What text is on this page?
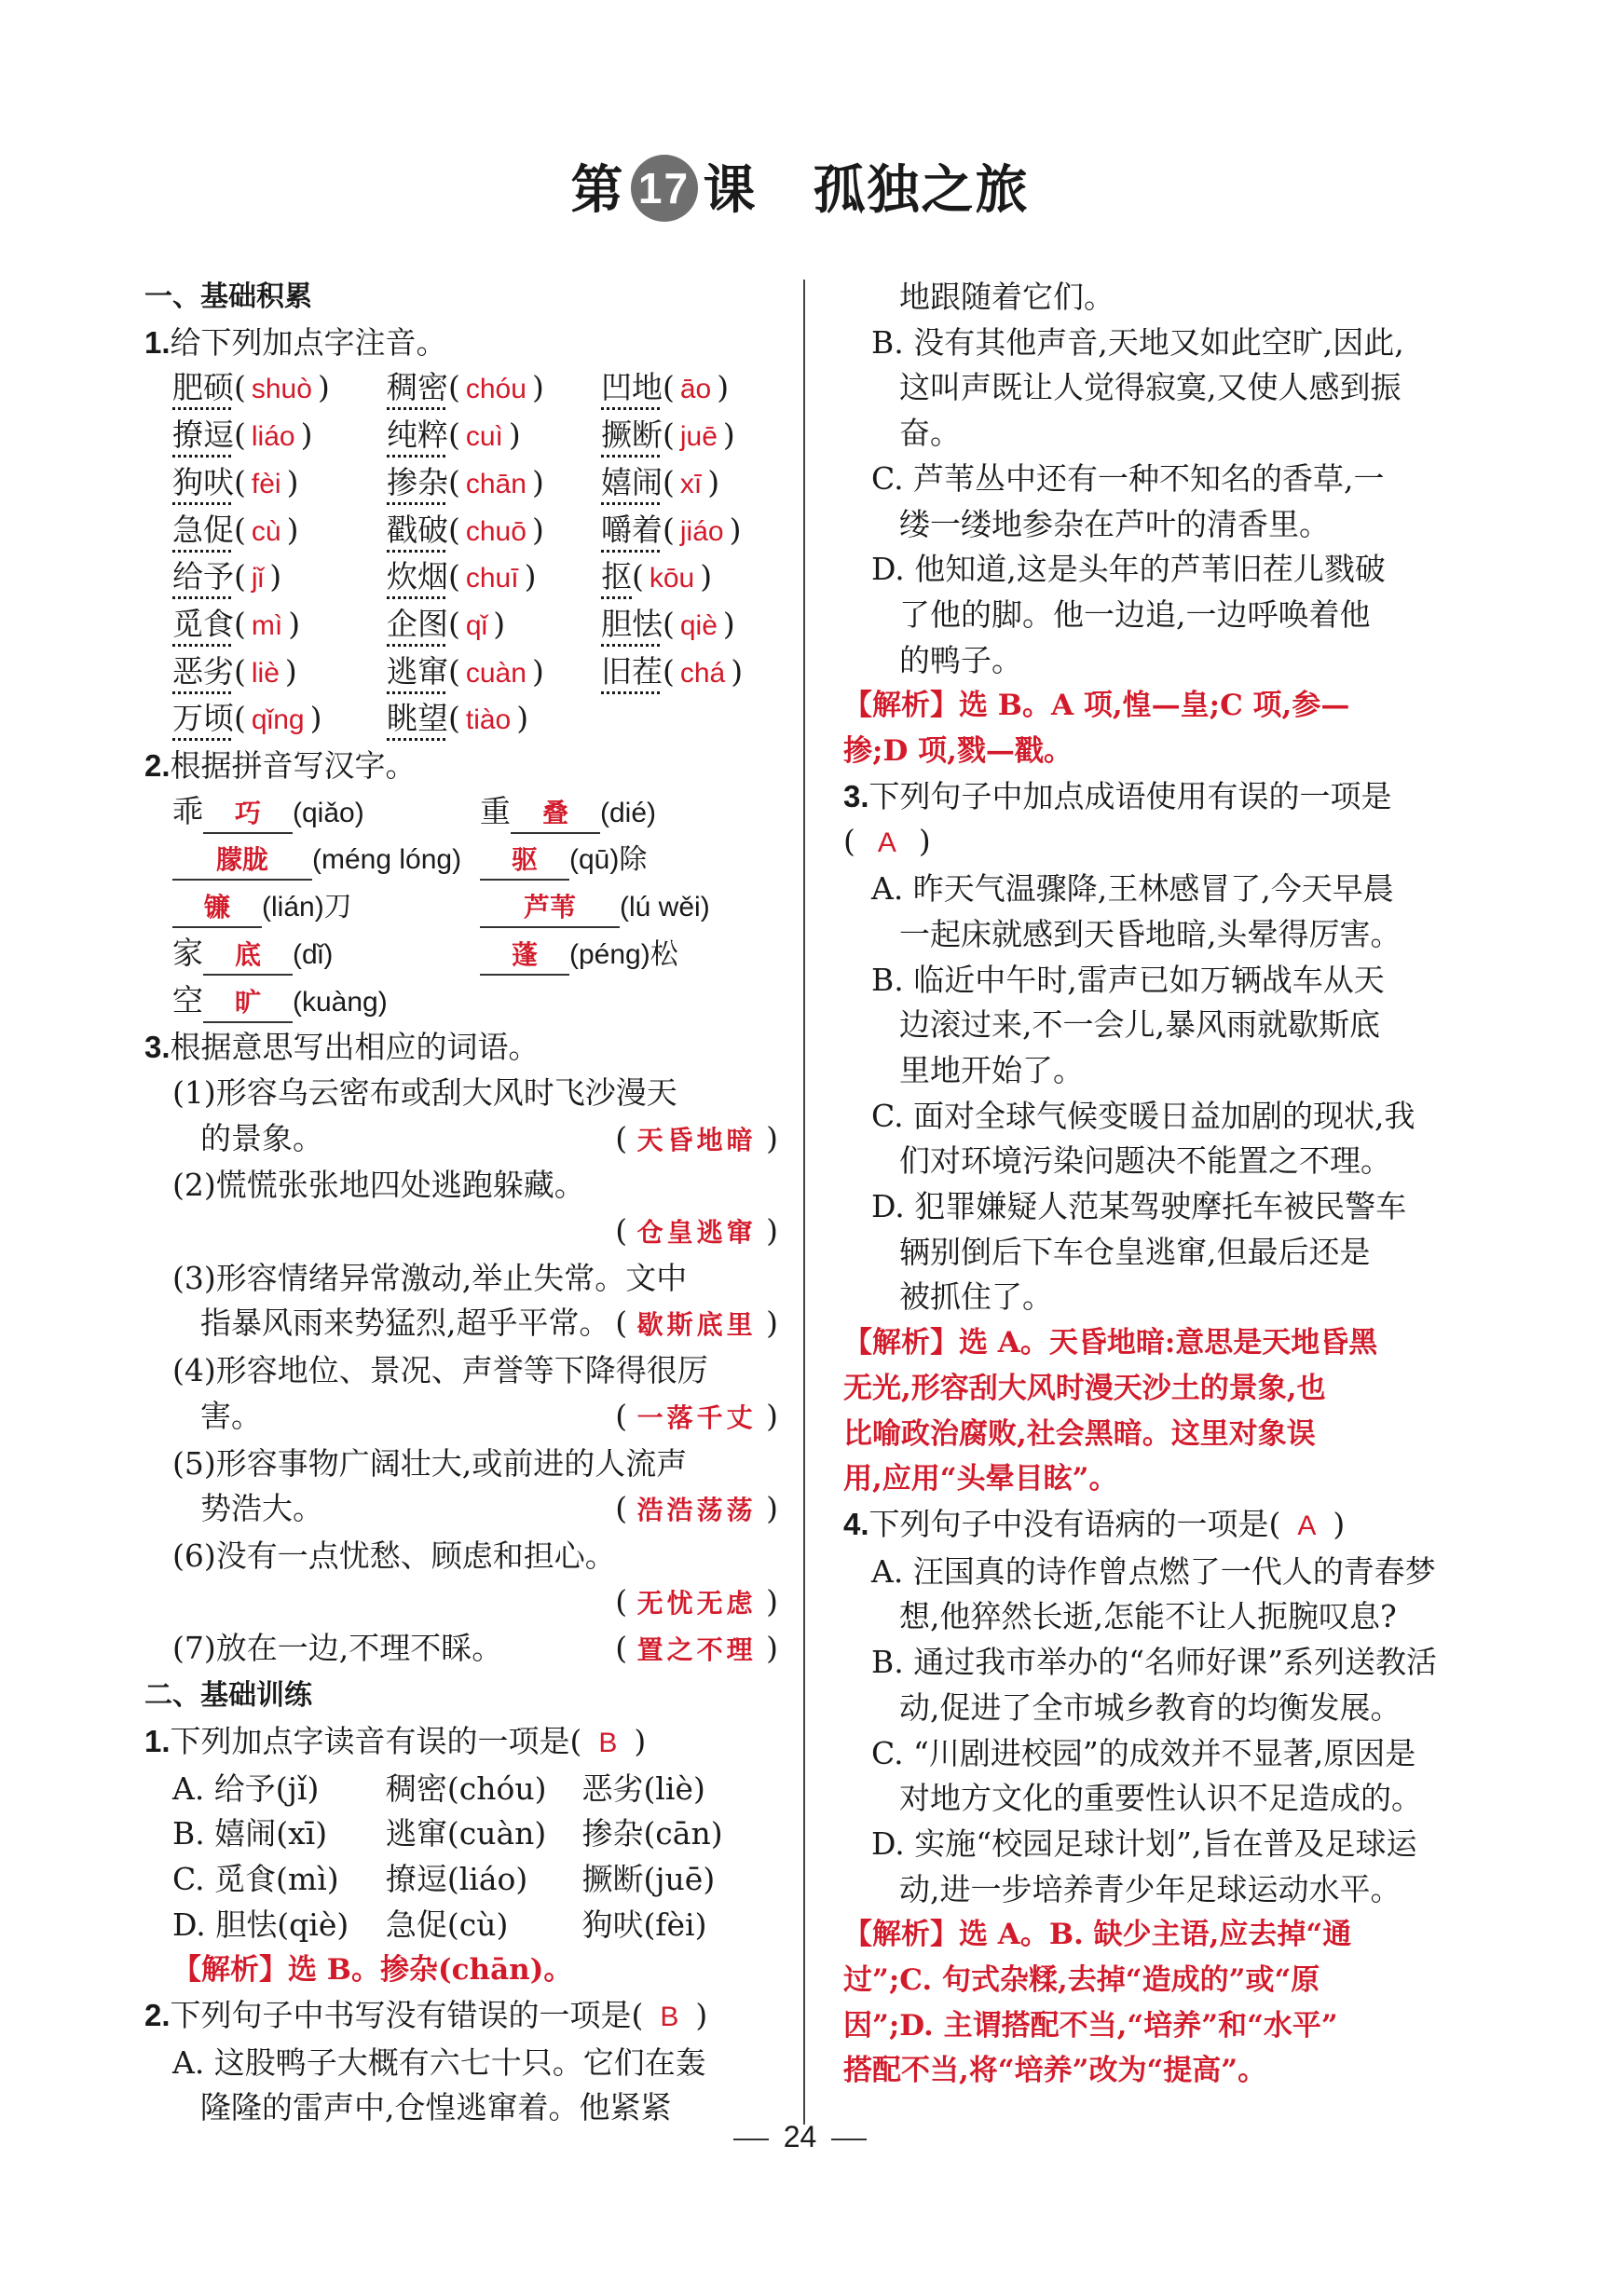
第 17 课 孤独之旅
一、基础积累
1.给下列加点字注音。
肥硕( shuò )	稠密( chóu )	凹地( āo )
撩逗( liáo )	纯粹( cuì )	撅断( juē )
狗吠( fèi )	掺杂( chān )	嬉闹( xī )
急促( cù )	戳破( chuō )	嚼着( jiáo )
给予( jǐ )	炊烟( chuī )	抠( kōu )
觅食( mì )	企图( qǐ )	胆怯( qiè )
恶劣( liè )	逃窜( cuàn )	旧茬( chá )
万顷( qǐng )	眺望( tiào )
2.根据拼音写汉字。
乖 巧 (qiǎo)	重 叠 (dié)
朦胧 (méng lóng)	驱 (qū)除
镰 (lián)刀	芦苇 (lú wěi)
家 底 (dǐ)	蓬 (péng)松
空 旷 (kuàng)
3.根据意思写出相应的词语。
(1)形容乌云密布或刮大风时飞沙漫天
的景象。	( 天昏地暗 )
(2)慌慌张张地四处逃跑躲藏。
( 仓皇逃窜 )
(3)形容情绪异常激动,举止失常。文中
指暴风雨来势猛烈,超乎平常。 ( 歇斯底里 )
(4)形容地位、景况、声誉等下降得很厉
害。	( 一落千丈 )
(5)形容事物广阔壮大,或前进的人流声
势浩大。	( 浩浩荡荡 )
(6)没有一点忧愁、顾虑和担心。
( 无忧无虑 )
(7)放在一边,不理不睬。	( 置之不理 )
二、基础训练
1.下列加点字读音有误的一项是( B )
A. 给予(jǐ)	稠密(chóu)	恶劣(liè)
B. 嬉闹(xī)	逃窜(cuàn)	掺杂(cān)
C. 觅食(mì)	撩逗(liáo)	撅断(juē)
D. 胆怯(qiè)	急促(cù)	狗吠(fèi)
【解析】选 B。掺杂(chān)。
2.下列句子中书写没有错误的一项是( B )
A. 这股鸭子大概有六七十只。它们在轰
隆隆的雷声中,仓惶逃窜着。他紧紧
地跟随着它们。
B. 没有其他声音,天地又如此空旷,因此,
这叫声既让人觉得寂寞,又使人感到振
奋。
C. 芦苇丛中还有一种不知名的香草,一
缕一缕地参杂在芦叶的清香里。
D. 他知道,这是头年的芦苇旧茬儿戮破
了他的脚。他一边追,一边呼唤着他
的鸭子。
【解析】选 B。A 项,惶—皇;C 项,参—
掺;D 项,戮—戳。
3.下列句子中加点成语使用有误的一项是
( A )
A. 昨天气温骤降,王林感冒了,今天早晨
一起床就感到天昏地暗,头晕得厉害。
B. 临近中午时,雷声已如万辆战车从天
边滚过来,不一会儿,暴风雨就歇斯底
里地开始了。
C. 面对全球气候变暖日益加剧的现状,我
们对环境污染问题决不能置之不理。
D. 犯罪嫌疑人范某驾驶摩托车被民警车
辆别倒后下车仓皇逃窜,但最后还是
被抓住了。
【解析】选 A。天昏地暗:意思是天地昏黑
无光,形容刮大风时漫天沙土的景象,也
比喻政治腐败,社会黑暗。这里对象误
用,应用“头晕目眩”。
4.下列句子中没有语病的一项是( A )
A. 汪国真的诗作曾点燃了一代人的青春梦
想,他猝然长逝,怎能不让人扼腕叹息?
B. 通过我市举办的“名师好课”系列送教活
动,促进了全市城乡教育的均衡发展。
C. “川剧进校园”的成效并不显著,原因是
对地方文化的重要性认识不足造成的。
D. 实施“校园足球计划”,旨在普及足球运
动,进一步培养青少年足球运动水平。
【解析】选 A。B. 缺少主语,应去掉“通
过”;C. 句式杂糅,去掉“造成的”或“原
因”;D. 主谓搭配不当,“培养”和“水平”
搭配不当,将“培养”改为“提高”。
24
